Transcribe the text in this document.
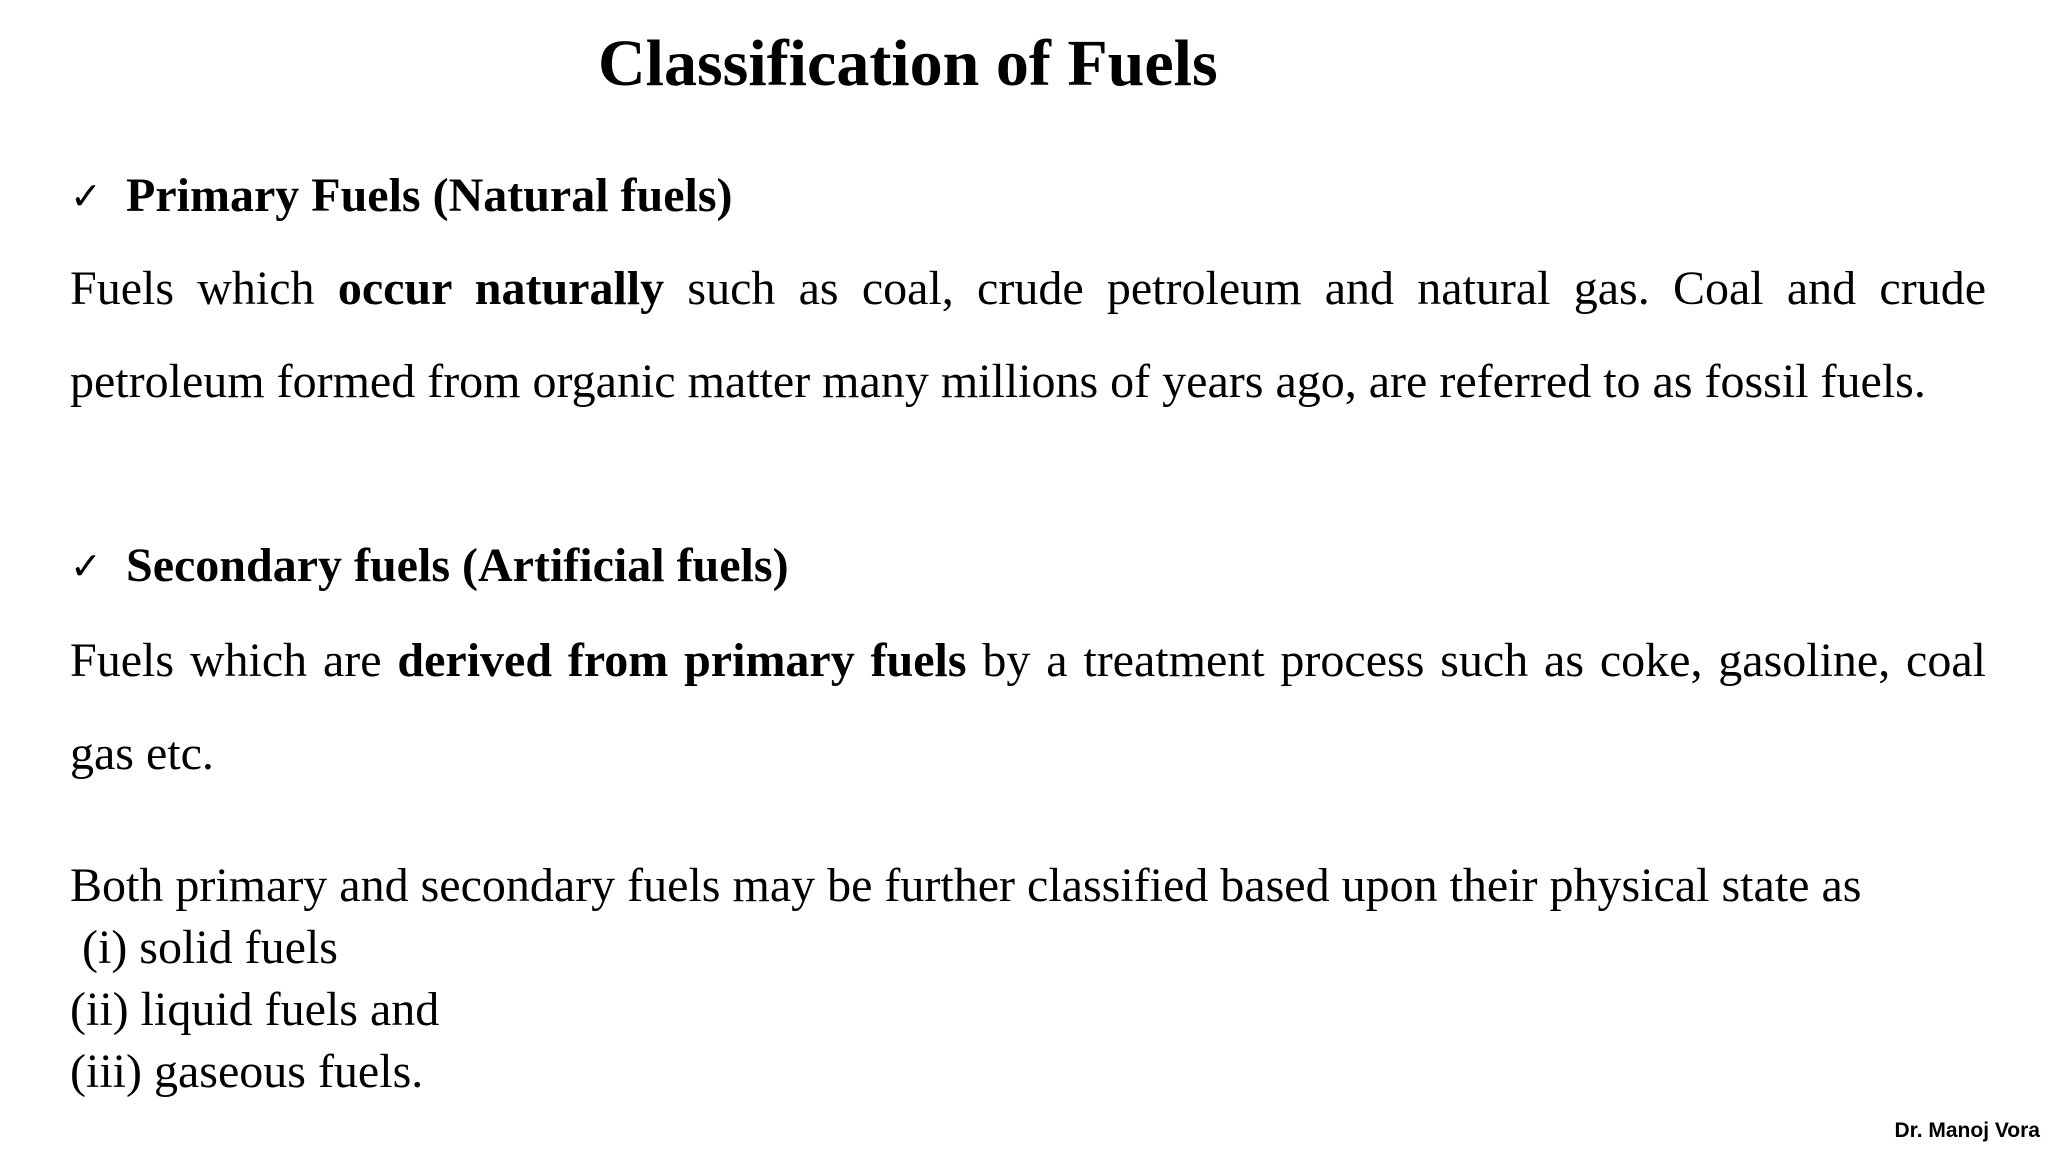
Classification of Fuels
✓ Primary Fuels (Natural fuels)

Fuels which occur naturally such as coal, crude petroleum and natural gas. Coal and crude petroleum formed from organic matter many millions of years ago, are referred to as fossil fuels.

✓ Secondary fuels (Artificial fuels)

Fuels which are derived from primary fuels by a treatment process such as coke, gasoline, coal gas etc.

Both primary and secondary fuels may be further classified based upon their physical state as
(i) solid fuels
(ii) liquid fuels and
(iii) gaseous fuels.

Dr. Manoj Vora
